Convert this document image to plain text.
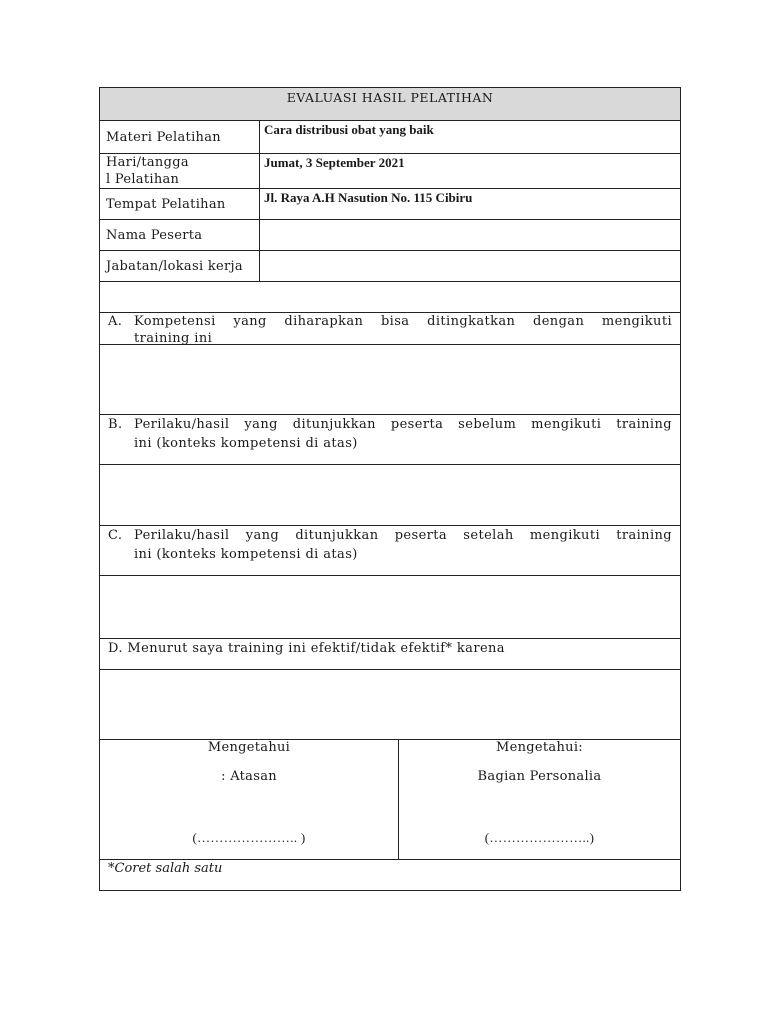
EVALUASI HASIL PELATIHAN
Materi Pelatihan	Cara distribusi obat yang baik
Hari/tangga
l Pelatihan
Jumat, 3 September 2021
Tempat Pelatihan	Jl. Raya A.H Nasution No. 115 Cibiru
Nama Peserta
Jabatan/lokasi kerja
A. Kompetensi yang diharapkan bisa ditingkatkan dengan mengikuti
training ini
B. Perilaku/hasil yang ditunjukkan peserta sebelum mengikuti training
ini (konteks kompetensi di atas)
C. Perilaku/hasil yang ditunjukkan peserta setelah mengikuti training
ini (konteks kompetensi di atas)
D. Menurut saya training ini efektif/tidak efektif* karena
Mengetahui
: Atasan
(………………….. )
Mengetahui:
Bagian Personalia
(…………………..)
*Coret salah satu
